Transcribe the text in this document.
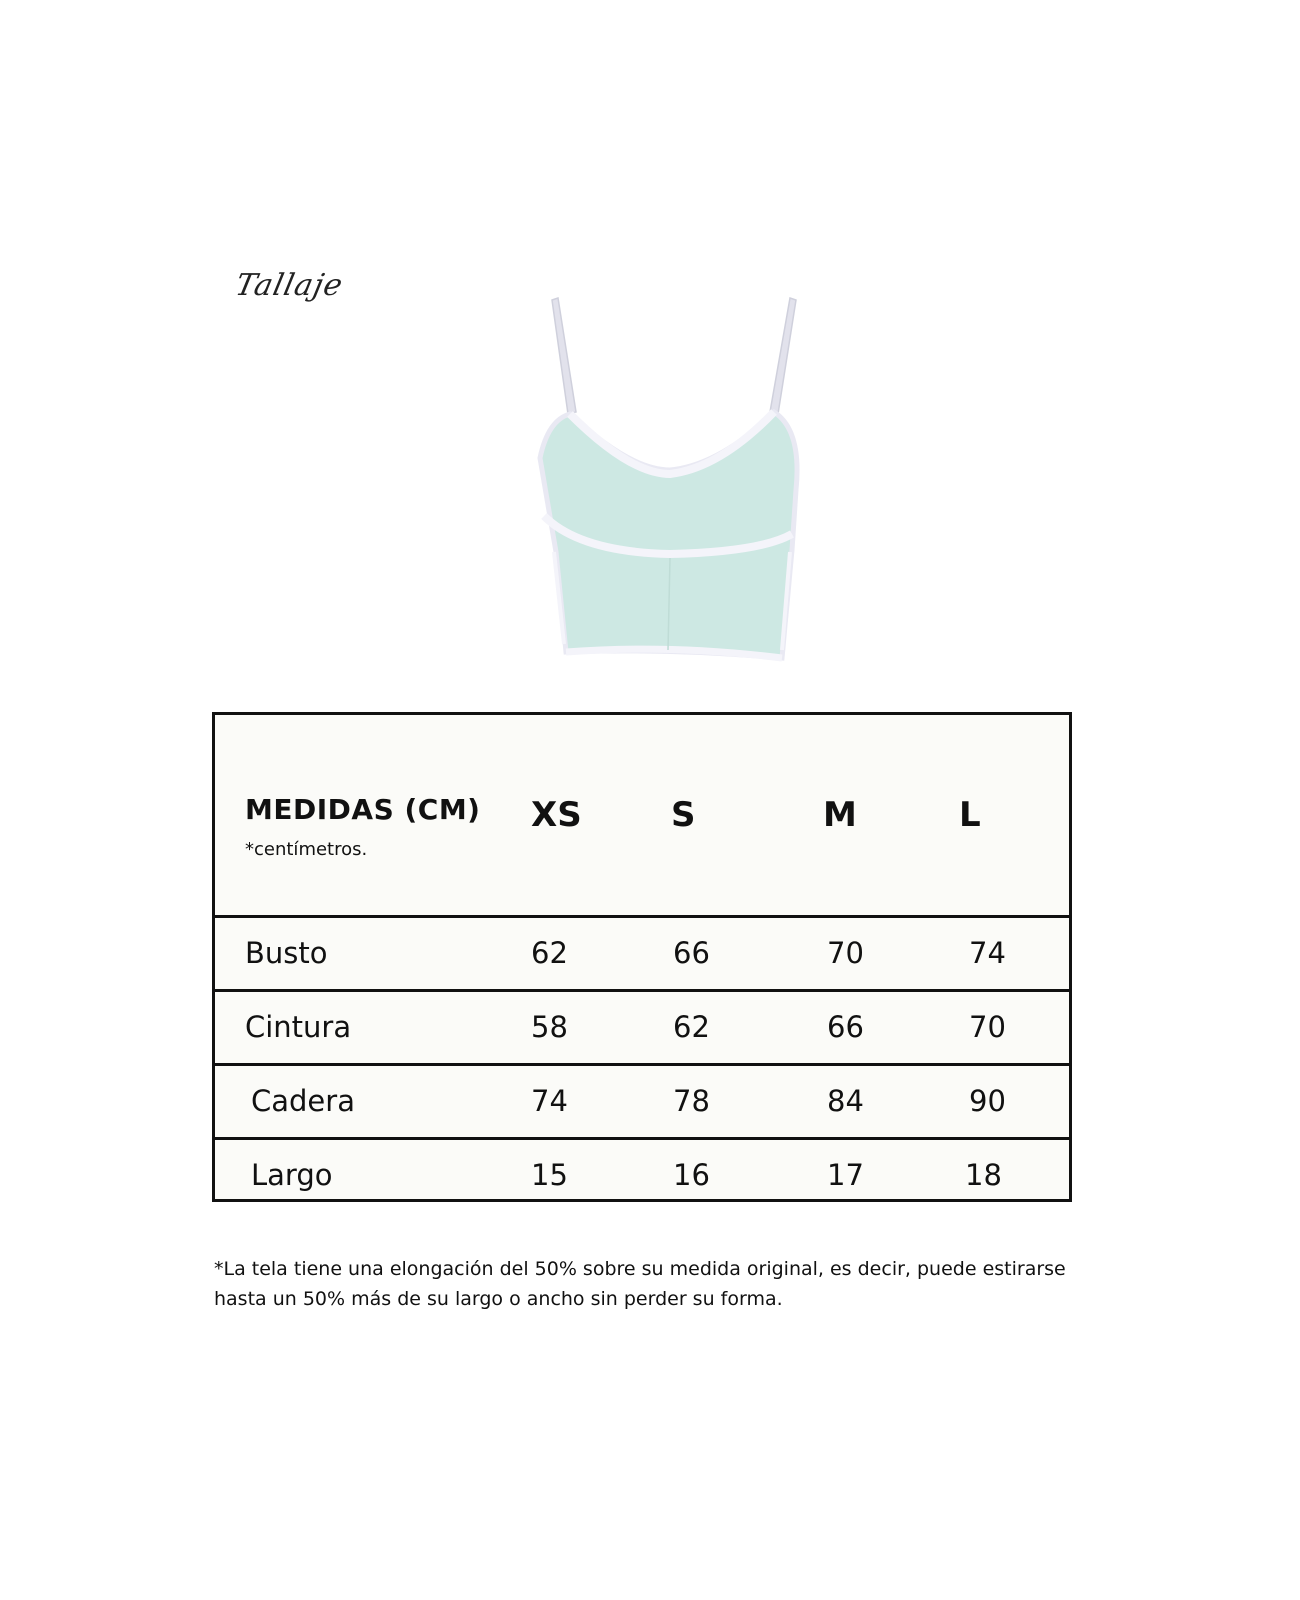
Tallaje
MEDIDAS (CM)
*centímetros.
XS	S	M	L
Busto	62	66	70	74
Cintura	58	62	66	70
Cadera	74	78	84	90
Largo	15	16	17	18
*La tela tiene una elongación del 50% sobre su medida original, es decir, puede estirarse
hasta un 50% más de su largo o ancho sin perder su forma.
